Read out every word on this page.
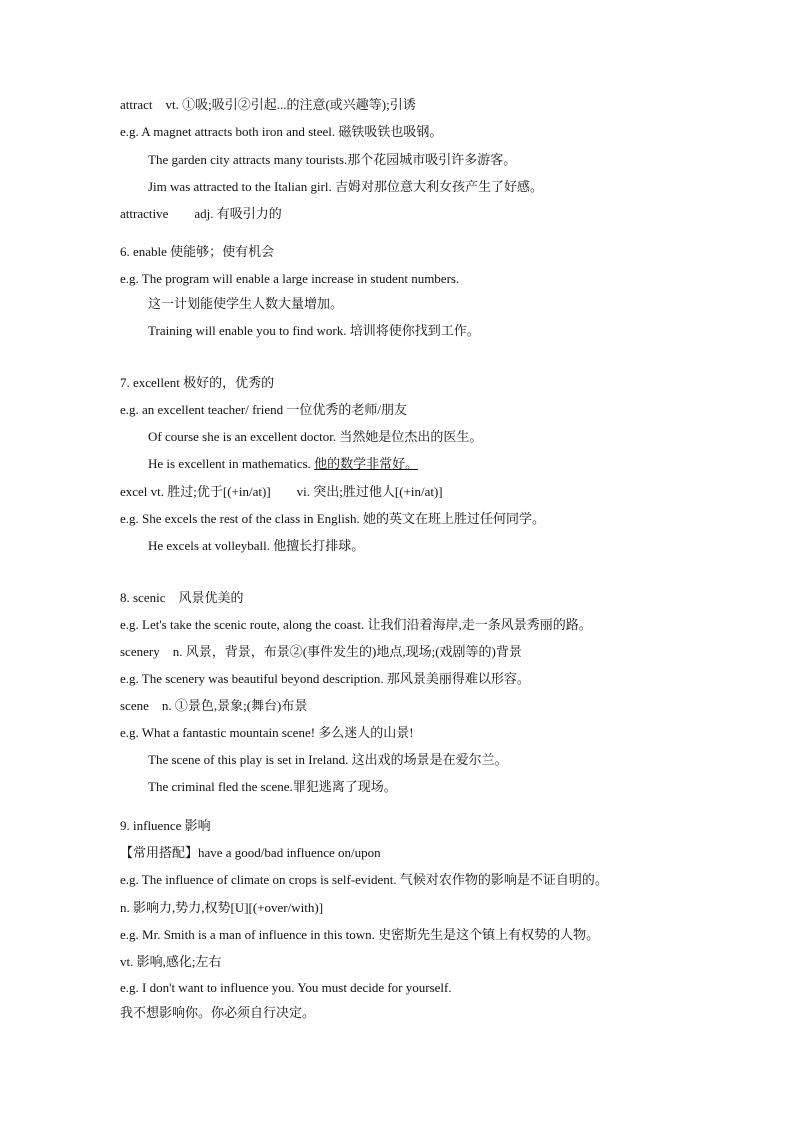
attract　vt. ①吸;吸引②引起...的注意(或兴趣等);引诱
e.g. A magnet attracts both iron and steel. 磁铁吸铁也吸钢。
The garden city attracts many tourists.那个花园城市吸引许多游客。
Jim was attracted to the Italian girl. 吉姆对那位意大利女孩产生了好感。
attractive　　adj. 有吸引力的
6. enable 使能够；使有机会
e.g. The program will enable a large increase in student numbers.
这一计划能使学生人数大量增加。
Training will enable you to find work. 培训将使你找到工作。
7. excellent 极好的，优秀的
e.g. an excellent teacher/ friend 一位优秀的老师/朋友
Of course she is an excellent doctor. 当然她是位杰出的医生。
He is excellent in mathematics. 他的数学非常好。
excel vt. 胜过;优于[(+in/at)]　　vi. 突出;胜过他人[(+in/at)]
e.g. She excels the rest of the class in English. 她的英文在班上胜过任何同学。
He excels at volleyball. 他擅长打排球。
8. scenic　风景优美的
e.g. Let's take the scenic route, along the coast. 让我们沿着海岸,走一条风景秀丽的路。
scenery　n. 风景，背景，布景②(事件发生的)地点,现场;(戏剧等的)背景
e.g. The scenery was beautiful beyond description. 那风景美丽得难以形容。
scene　n. ①景色,景象;(舞台)布景
e.g. What a fantastic mountain scene! 多么迷人的山景!
The scene of this play is set in Ireland. 这出戏的场景是在爱尔兰。
The criminal fled the scene.罪犯逃离了现场。
9. influence 影响
【常用搭配】have a good/bad influence on/upon
e.g. The influence of climate on crops is self-evident. 气候对农作物的影响是不证自明的。
n. 影响力,势力,权势[U][(+over/with)]
e.g. Mr. Smith is a man of influence in this town. 史密斯先生是这个镇上有权势的人物。
vt. 影响,感化;左右
e.g. I don't want to influence you. You must decide for yourself.
我不想影响你。你必须自行决定。
